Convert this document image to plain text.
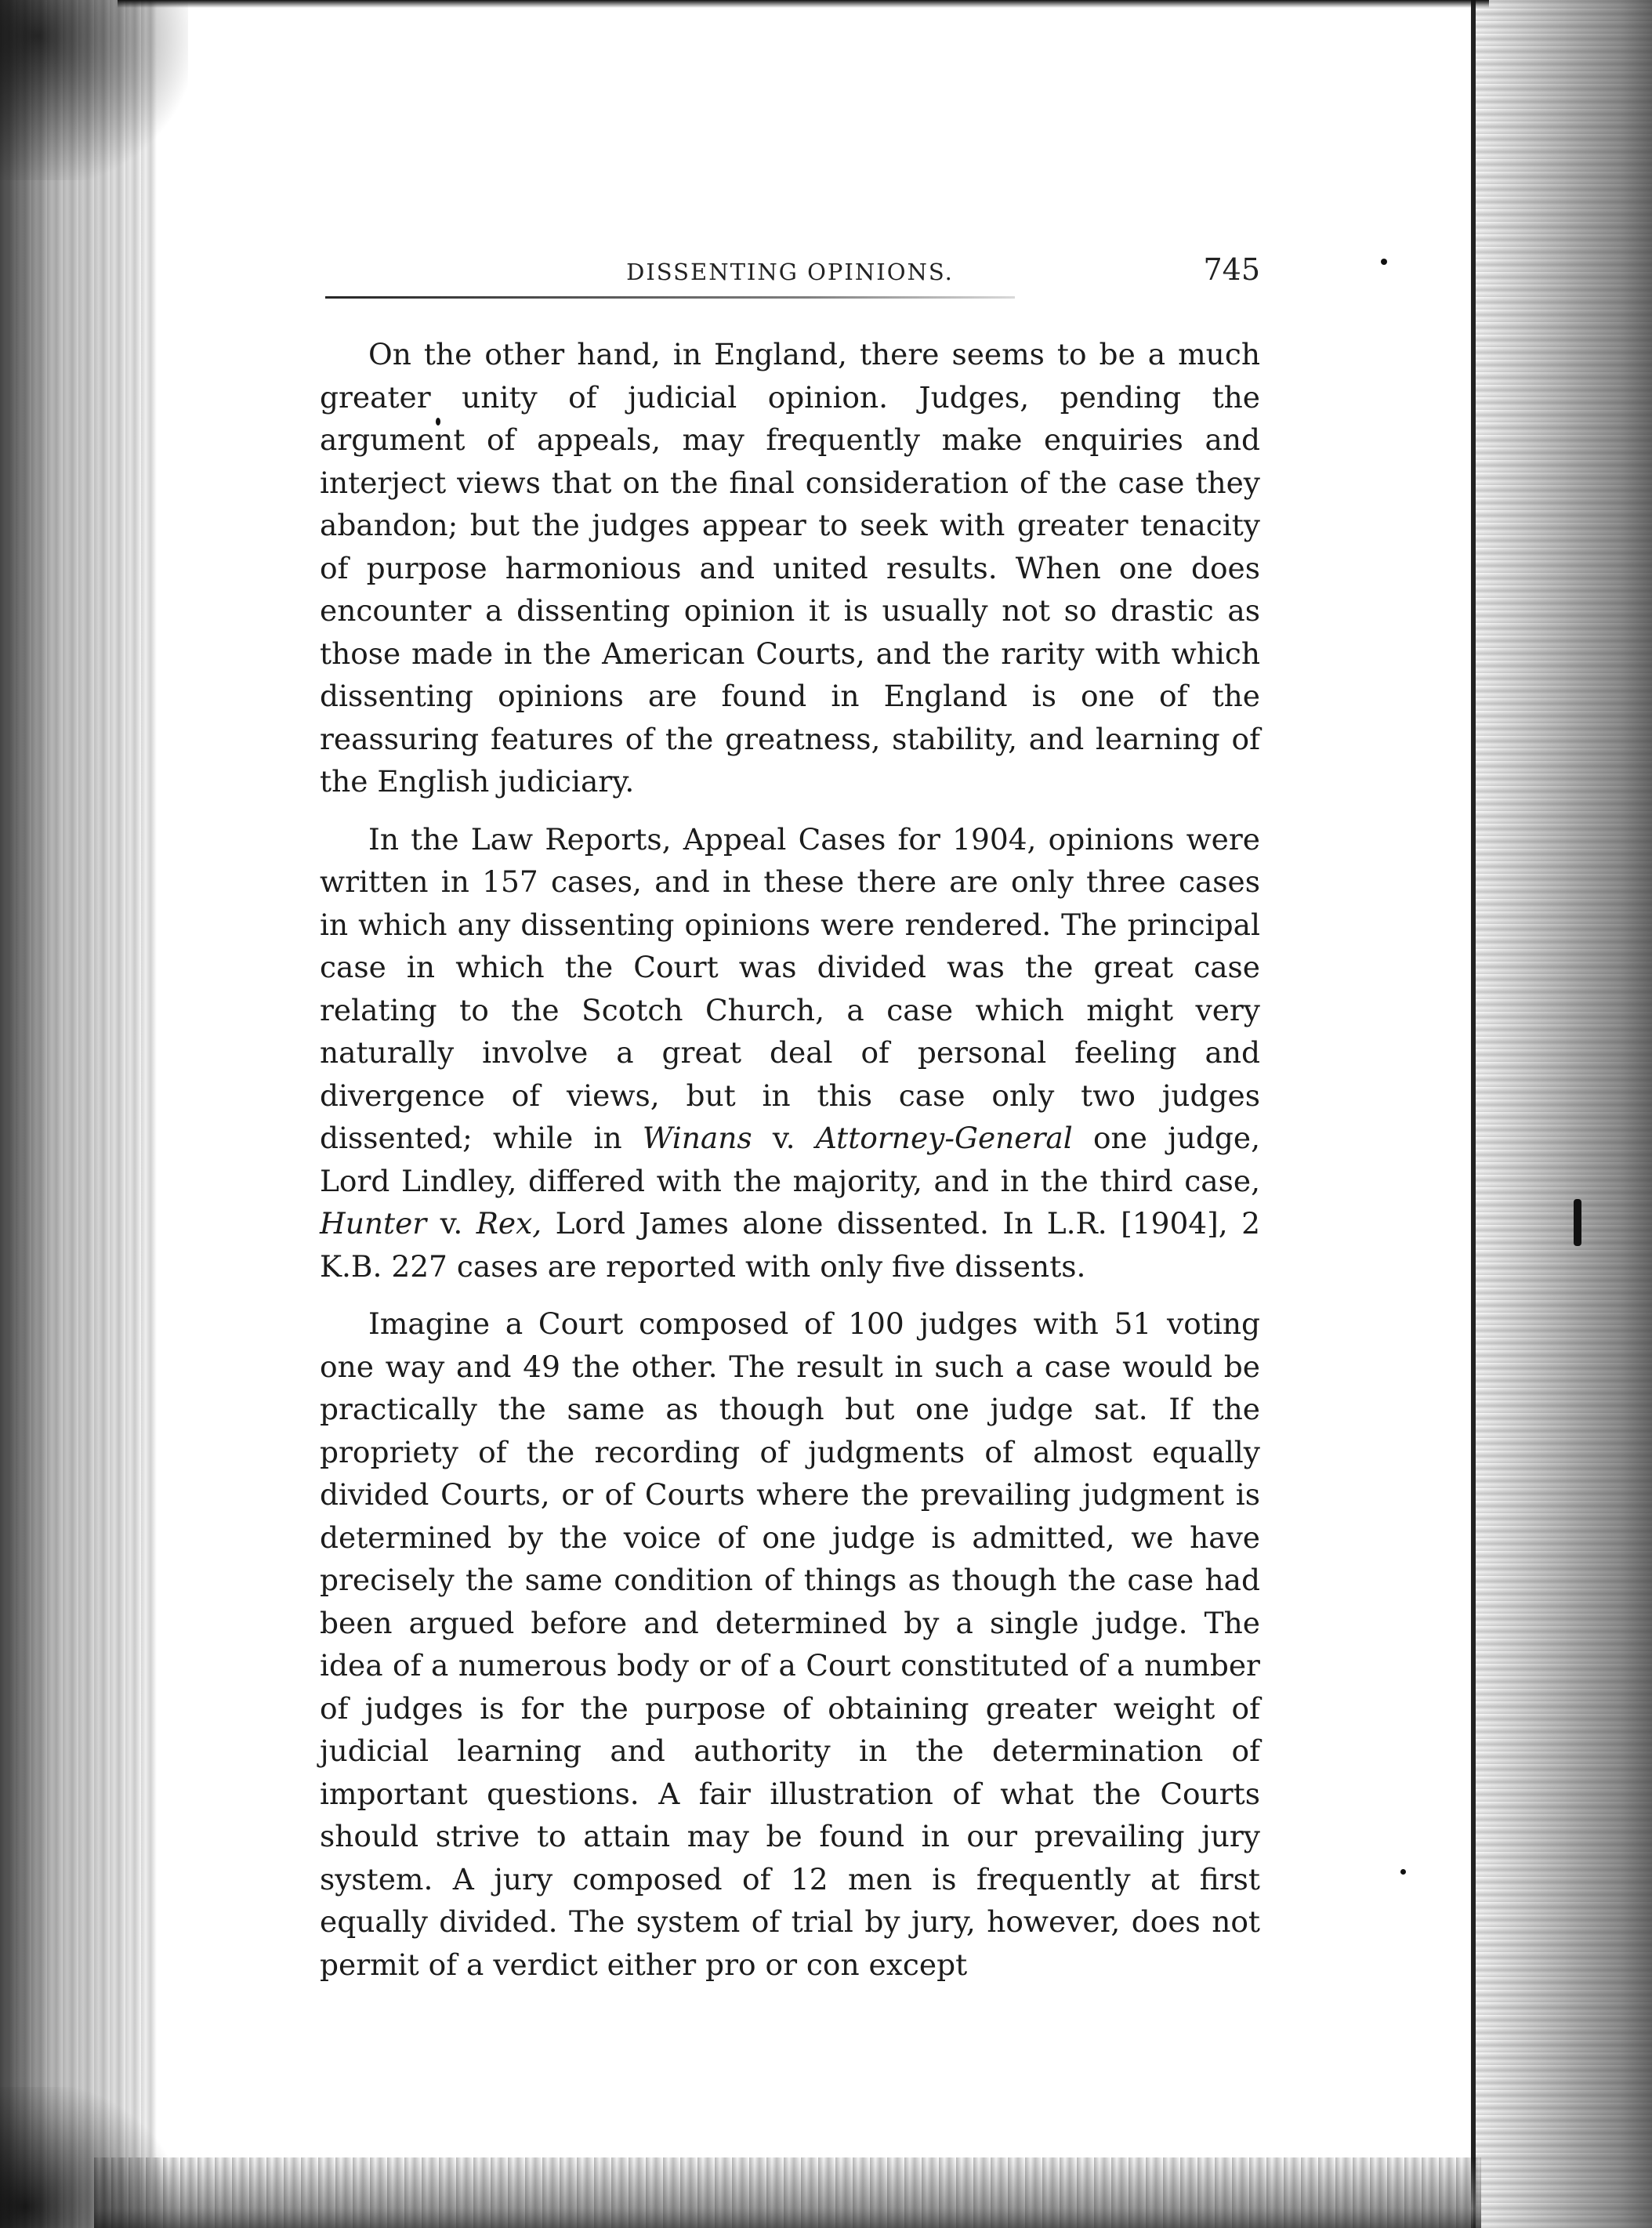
DISSENTING OPINIONS.	745

On the other hand, in England, there seems to be a much greater unity of judicial opinion. Judges, pending the argument of appeals, may frequently make enquiries and interject views that on the final consideration of the case they abandon; but the judges appear to seek with greater tenacity of purpose harmonious and united results. When one does encounter a dissenting opinion it is usually not so drastic as those made in the American Courts, and the rarity with which dissenting opinions are found in England is one of the reassuring features of the greatness, stability, and learning of the English judiciary.

In the Law Reports, Appeal Cases for 1904, opinions were written in 157 cases, and in these there are only three cases in which any dissenting opinions were rendered. The principal case in which the Court was divided was the great case relating to the Scotch Church, a case which might very naturally involve a great deal of personal feeling and divergence of views, but in this case only two judges dissented; while in Winans v. Attorney-General one judge, Lord Lindley, differed with the majority, and in the third case, Hunter v. Rex, Lord James alone dissented. In L.R. [1904], 2 K.B. 227 cases are reported with only five dissents.

Imagine a Court composed of 100 judges with 51 voting one way and 49 the other. The result in such a case would be practically the same as though but one judge sat. If the propriety of the recording of judgments of almost equally divided Courts, or of Courts where the prevailing judgment is determined by the voice of one judge is admitted, we have precisely the same condition of things as though the case had been argued before and determined by a single judge. The idea of a numerous body or of a Court constituted of a number of judges is for the purpose of obtaining greater weight of judicial learning and authority in the determination of important questions. A fair illustration of what the Courts should strive to attain may be found in our prevailing jury system. A jury composed of 12 men is frequently at first equally divided. The system of trial by jury, however, does not permit of a verdict either pro or con except
